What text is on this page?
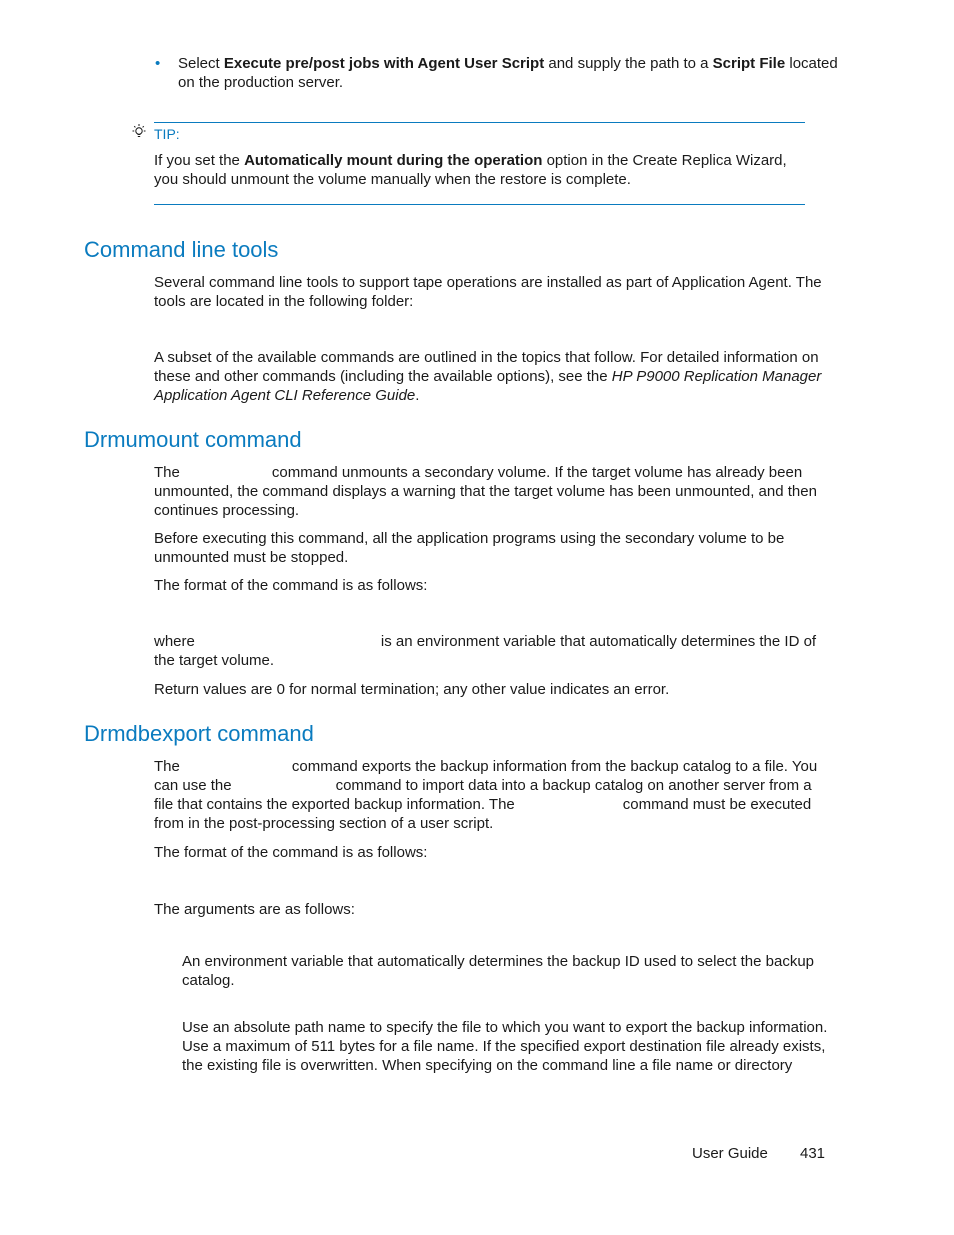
• Select Execute pre/post jobs with Agent User Script and supply the path to a Script File located on the production server.

TIP:

If you set the Automatically mount during the operation option in the Create Replica Wizard, you should unmount the volume manually when the restore is complete.

Command line tools

Several command line tools to support tape operations are installed as part of Application Agent. The tools are located in the following folder:

A subset of the available commands are outlined in the topics that follow. For detailed information on these and other commands (including the available options), see the HP P9000 Replication Manager Application Agent CLI Reference Guide.

Drmumount command

The	command unmounts a secondary volume. If the target volume has already been unmounted, the command displays a warning that the target volume has been unmounted, and then continues processing.

Before executing this command, all the application programs using the secondary volume to be unmounted must be stopped.

The format of the command is as follows:

where	is an environment variable that automatically determines the ID of the target volume.

Return values are 0 for normal termination; any other value indicates an error.

Drmdbexport command

The	command exports the backup information from the backup catalog to a file. You can use the	command to import data into a backup catalog on another server from a file that contains the exported backup information. The	command must be executed from in the post-processing section of a user script.

The format of the command is as follows:

The arguments are as follows:

An environment variable that automatically determines the backup ID used to select the backup catalog.

Use an absolute path name to specify the file to which you want to export the backup information. Use a maximum of 511 bytes for a file name. If the specified export destination file already exists, the existing file is overwritten. When specifying on the command line a file name or directory

User Guide 431
